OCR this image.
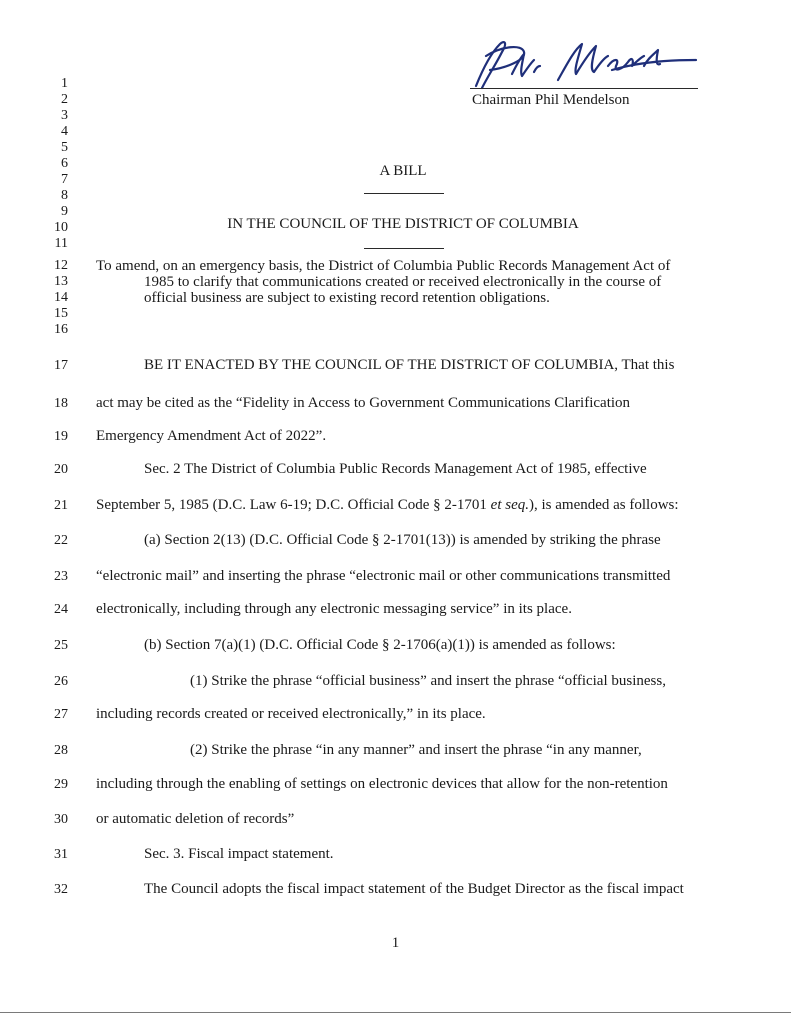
Chairman Phil Mendelson
1
2
3
4
5
6
7
8
9
10
11
12
13
14
15
16
17
18
19
20
21
22
23
24
25
26
27
28
29
30
31
32
A BILL
IN THE COUNCIL OF THE DISTRICT OF COLUMBIA
To amend, on an emergency basis, the District of Columbia Public Records Management Act of
1985 to clarify that communications created or received electronically in the course of
official business are subject to existing record retention obligations.
BE IT ENACTED BY THE COUNCIL OF THE DISTRICT OF COLUMBIA, That this
act may be cited as the “Fidelity in Access to Government Communications Clarification
Emergency Amendment Act of 2022”.
Sec. 2 The District of Columbia Public Records Management Act of 1985, effective
September 5, 1985 (D.C. Law 6-19; D.C. Official Code § 2-1701 et seq.), is amended as follows:
(a) Section 2(13) (D.C. Official Code § 2-1701(13)) is amended by striking the phrase
“electronic mail” and inserting the phrase “electronic mail or other communications transmitted
electronically, including through any electronic messaging service” in its place.
(b) Section 7(a)(1) (D.C. Official Code § 2-1706(a)(1)) is amended as follows:
(1) Strike the phrase “official business” and insert the phrase “official business,
including records created or received electronically,” in its place.
(2) Strike the phrase “in any manner” and insert the phrase “in any manner,
including through the enabling of settings on electronic devices that allow for the non-retention
or automatic deletion of records”
Sec. 3. Fiscal impact statement.
The Council adopts the fiscal impact statement of the Budget Director as the fiscal impact
1
